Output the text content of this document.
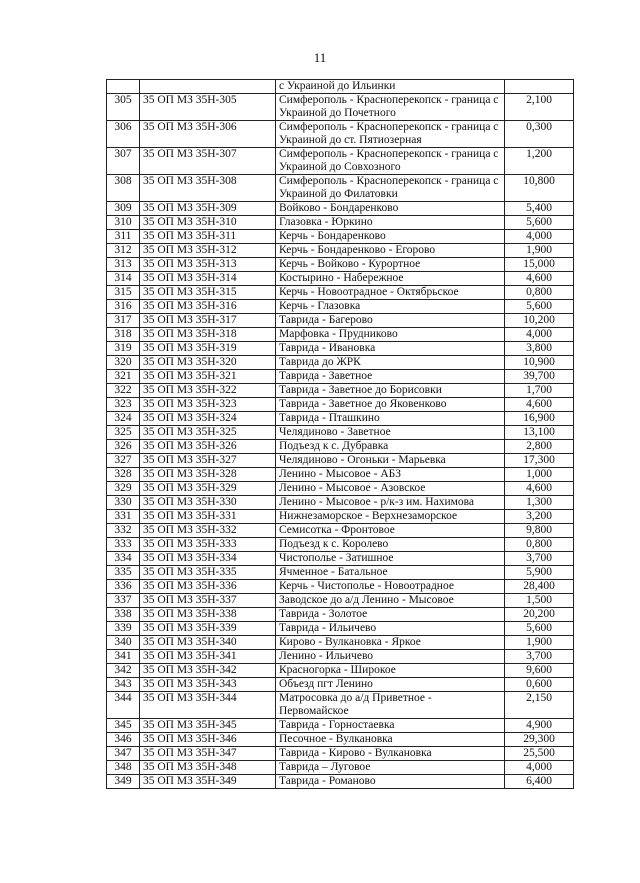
11
		с Украиной до Ильинки	
305	35 ОП МЗ 35Н-305	Симферополь - Красноперекопск - граница с Украиной до Почетного	2,100
306	35 ОП МЗ 35Н-306	Симферополь - Красноперекопск - граница с Украиной до ст. Пятиозерная	0,300
307	35 ОП МЗ 35Н-307	Симферополь - Красноперекопск - граница с Украиной до Совхозного	1,200
308	35 ОП МЗ 35Н-308	Симферополь - Красноперекопск - граница с Украиной до Филатовки	10,800
309	35 ОП МЗ 35Н-309	Войково - Бондаренково	5,400
310	35 ОП МЗ 35Н-310	Глазовка - Юркино	5,600
311	35 ОП МЗ 35Н-311	Керчь - Бондаренково	4,000
312	35 ОП МЗ 35Н-312	Керчь - Бондаренково - Егорово	1,900
313	35 ОП МЗ 35Н-313	Керчь - Войково - Курортное	15,000
314	35 ОП МЗ 35Н-314	Костырино - Набережное	4,600
315	35 ОП МЗ 35Н-315	Керчь - Новоотрадное - Октябрьское	0,800
316	35 ОП МЗ 35Н-316	Керчь - Глазовка	5,600
317	35 ОП МЗ 35Н-317	Таврида - Багерово	10,200
318	35 ОП МЗ 35Н-318	Марфовка - Прудниково	4,000
319	35 ОП МЗ 35Н-319	Таврида - Ивановка	3,800
320	35 ОП МЗ 35Н-320	Таврида до ЖРК	10,900
321	35 ОП МЗ 35Н-321	Таврида - Заветное	39,700
322	35 ОП МЗ 35Н-322	Таврида - Заветное до Борисовки	1,700
323	35 ОП МЗ 35Н-323	Таврида - Заветное до Яковенково	4,600
324	35 ОП МЗ 35Н-324	Таврида - Пташкино	16,900
325	35 ОП МЗ 35Н-325	Челядиново - Заветное	13,100
326	35 ОП МЗ 35Н-326	Подъезд к с. Дубравка	2,800
327	35 ОП МЗ 35Н-327	Челядиново - Огоньки - Марьевка	17,300
328	35 ОП МЗ 35Н-328	Ленино - Мысовое - АБЗ	1,000
329	35 ОП МЗ 35Н-329	Ленино - Мысовое - Азовское	4,600
330	35 ОП МЗ 35Н-330	Ленино - Мысовое - р/к-з им. Нахимова	1,300
331	35 ОП МЗ 35Н-331	Нижнезаморское - Верхнезаморское	3,200
332	35 ОП МЗ 35Н-332	Семисотка - Фронтовое	9,800
333	35 ОП МЗ 35Н-333	Подъезд к с. Королево	0,800
334	35 ОП МЗ 35Н-334	Чистополье - Затишное	3,700
335	35 ОП МЗ 35Н-335	Ячменное - Батальное	5,900
336	35 ОП МЗ 35Н-336	Керчь - Чистополье - Новоотрадное	28,400
337	35 ОП МЗ 35Н-337	Заводское до а/д Ленино - Мысовое	1,500
338	35 ОП МЗ 35Н-338	Таврида - Золотое	20,200
339	35 ОП МЗ 35Н-339	Таврида - Ильичево	5,600
340	35 ОП МЗ 35Н-340	Кирово - Вулкановка - Яркое	1,900
341	35 ОП МЗ 35Н-341	Ленино - Ильичево	3,700
342	35 ОП МЗ 35Н-342	Красногорка - Широкое	9,600
343	35 ОП МЗ 35Н-343	Объезд пгт Ленино	0,600
344	35 ОП МЗ 35Н-344	Матросовка до а/д Приветное - Первомайское	2,150
345	35 ОП МЗ 35Н-345	Таврида - Горностаевка	4,900
346	35 ОП МЗ 35Н-346	Песочное - Вулкановка	29,300
347	35 ОП МЗ 35Н-347	Таврида - Кирово - Вулкановка	25,500
348	35 ОП МЗ 35Н-348	Таврида – Луговое	4,000
349	35 ОП МЗ 35Н-349	Таврида - Романово	6,400
